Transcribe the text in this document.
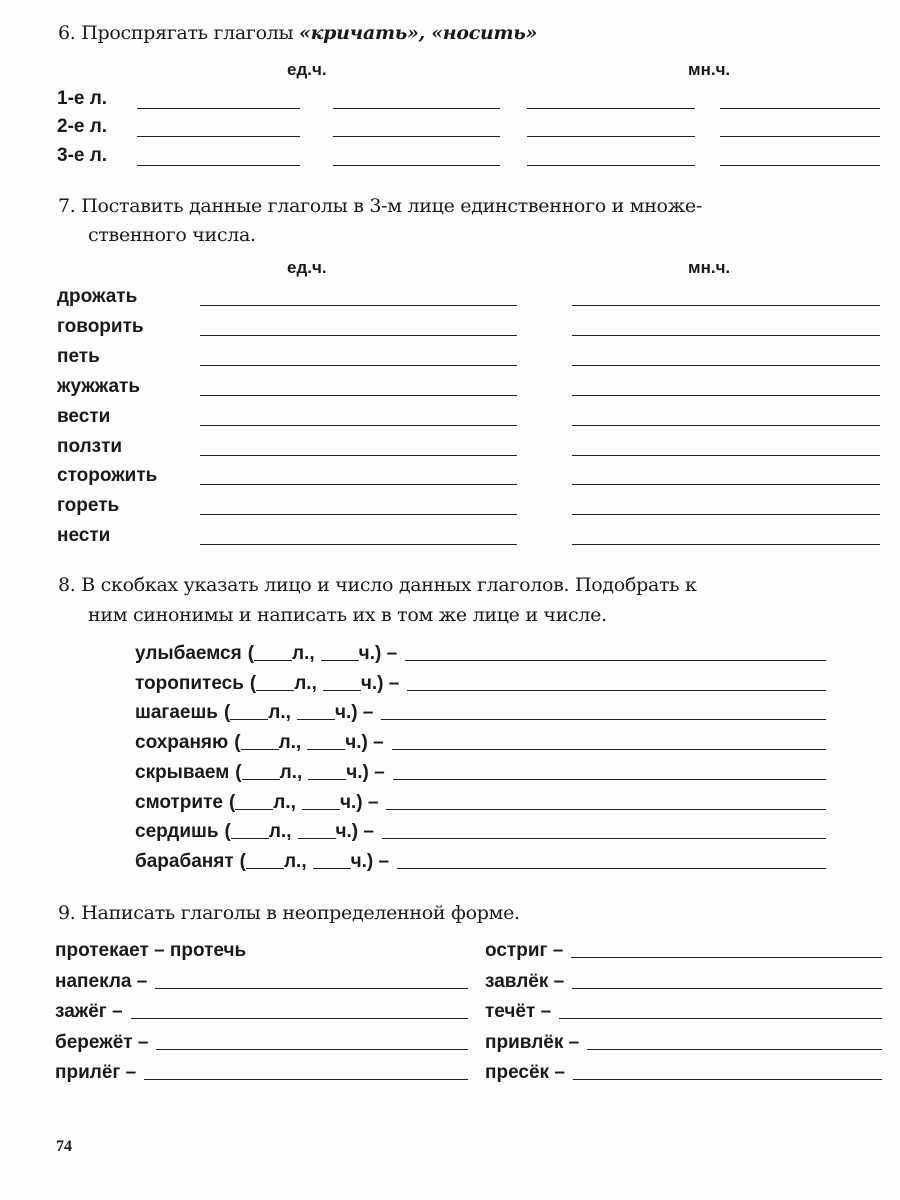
6. Проспрягать глаголы «кричать», «носить»
ед.ч.	мн.ч.
1-е л.
2-е л.
3-е л.
7. Поставить данные глаголы в 3-м лице единственного и множе-
ственного числа.
ед.ч.	мн.ч.
дрожать
говорить
петь
жужжать
вести
ползти
сторожить
гореть
нести
8. В скобках указать лицо и число данных глаголов. Подобрать к
ним синонимы и написать их в том же лице и числе.
улыбаемся ( л., ч.) –
торопитесь ( л., ч.) –
шагаешь ( л., ч.) –
сохраняю ( л., ч.) –
скрываем ( л., ч.) –
смотрите ( л., ч.) –
сердишь ( л., ч.) –
барабанят ( л., ч.) –
9. Написать глаголы в неопределенной форме.
протекает – протечь
напекла –
зажёг –
бережёт –
прилёг –
остриг –
завлёк –
течёт –
привлёк –
пресёк –
74
